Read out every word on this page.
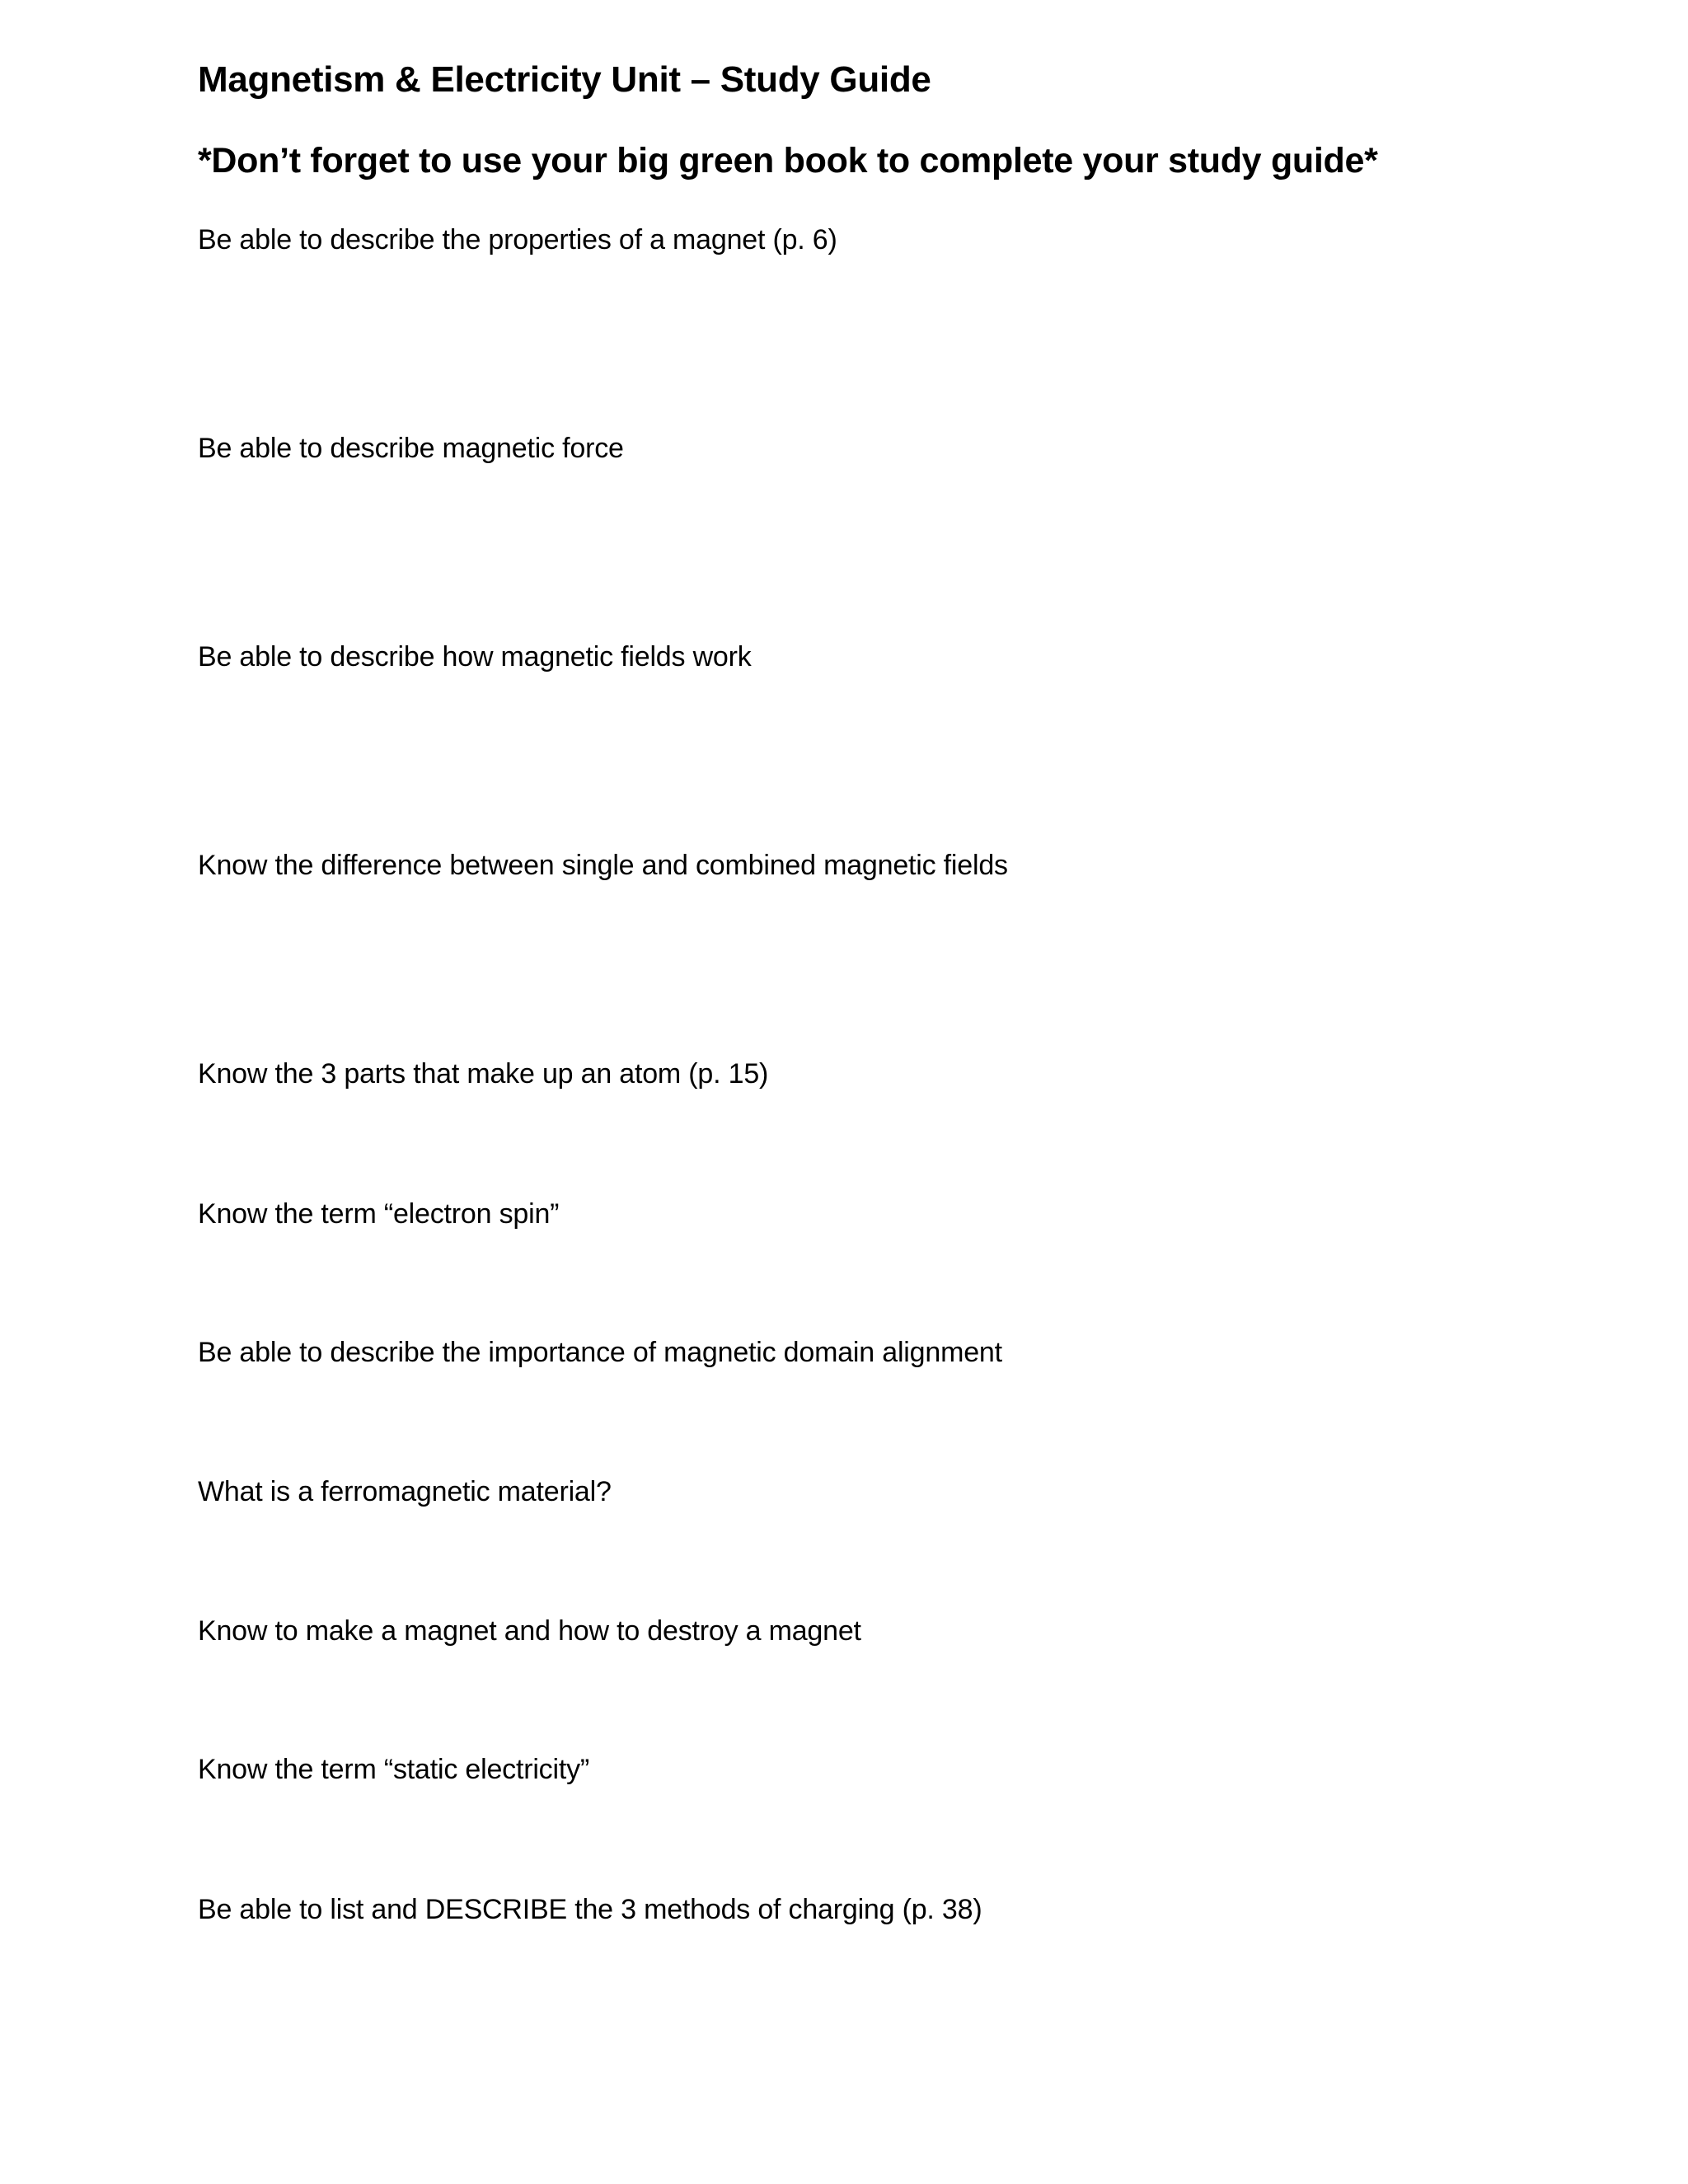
Magnetism & Electricity Unit – Study Guide
*Don’t forget to use your big green book to complete your study guide*

Be able to describe the properties of a magnet (p. 6)

Be able to describe magnetic force

Be able to describe how magnetic fields work

Know the difference between single and combined magnetic fields

Know the 3 parts that make up an atom (p. 15)

Know the term “electron spin”

Be able to describe the importance of magnetic domain alignment

What is a ferromagnetic material?

Know to make a magnet and how to destroy a magnet

Know the term “static electricity”

Be able to list and DESCRIBE the 3 methods of charging (p. 38)
